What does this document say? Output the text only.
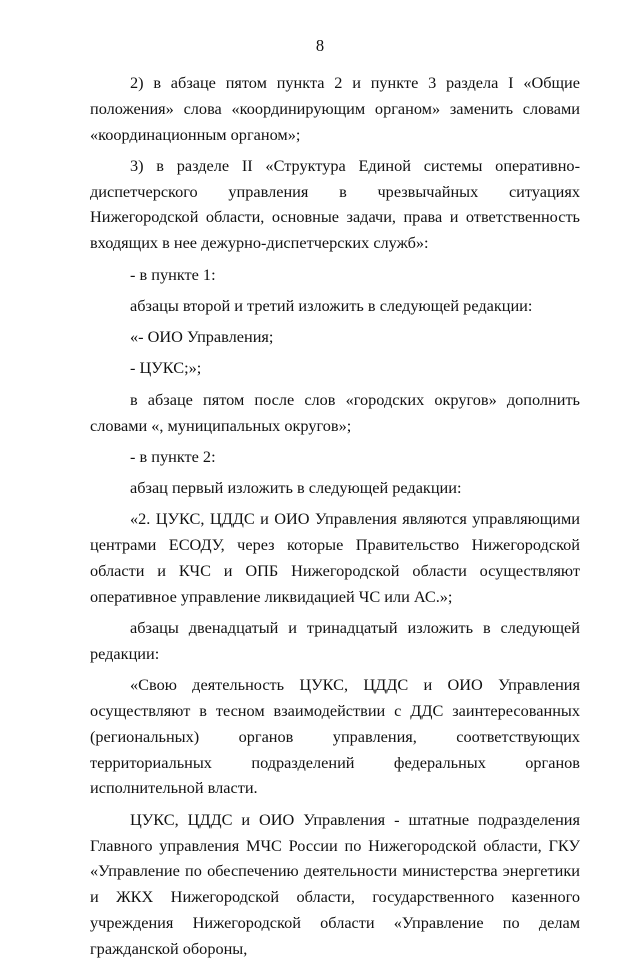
8

2) в абзаце пятом пункта 2 и пункте 3 раздела I «Общие положения» слова «координирующим органом» заменить словами «координационным органом»;

3) в разделе II «Структура Единой системы оперативно-диспетчерского управления в чрезвычайных ситуациях Нижегородской области, основные задачи, права и ответственность входящих в нее дежурно-диспетчерских служб»:

- в пункте 1:

абзацы второй и третий изложить в следующей редакции:

«- ОИО Управления;

- ЦУКС;»;

в абзаце пятом после слов «городских округов» дополнить словами «, муниципальных округов»;

- в пункте 2:

абзац первый изложить в следующей редакции:

«2. ЦУКС, ЦДДС и ОИО Управления являются управляющими центрами ЕСОДУ, через которые Правительство Нижегородской области и КЧС и ОПБ Нижегородской области осуществляют оперативное управление ликвидацией ЧС или АС.»;

абзацы двенадцатый и тринадцатый изложить в следующей редакции:

«Свою деятельность ЦУКС, ЦДДС и ОИО Управления осуществляют в тесном взаимодействии с ДДС заинтересованных (региональных) органов управления, соответствующих территориальных подразделений федеральных органов исполнительной власти.

ЦУКС, ЦДДС и ОИО Управления - штатные подразделения Главного управления МЧС России по Нижегородской области, ГКУ «Управление по обеспечению деятельности министерства энергетики и ЖКХ Нижегородской области, государственного казенного учреждения Нижегородской области «Управление по делам гражданской обороны,
